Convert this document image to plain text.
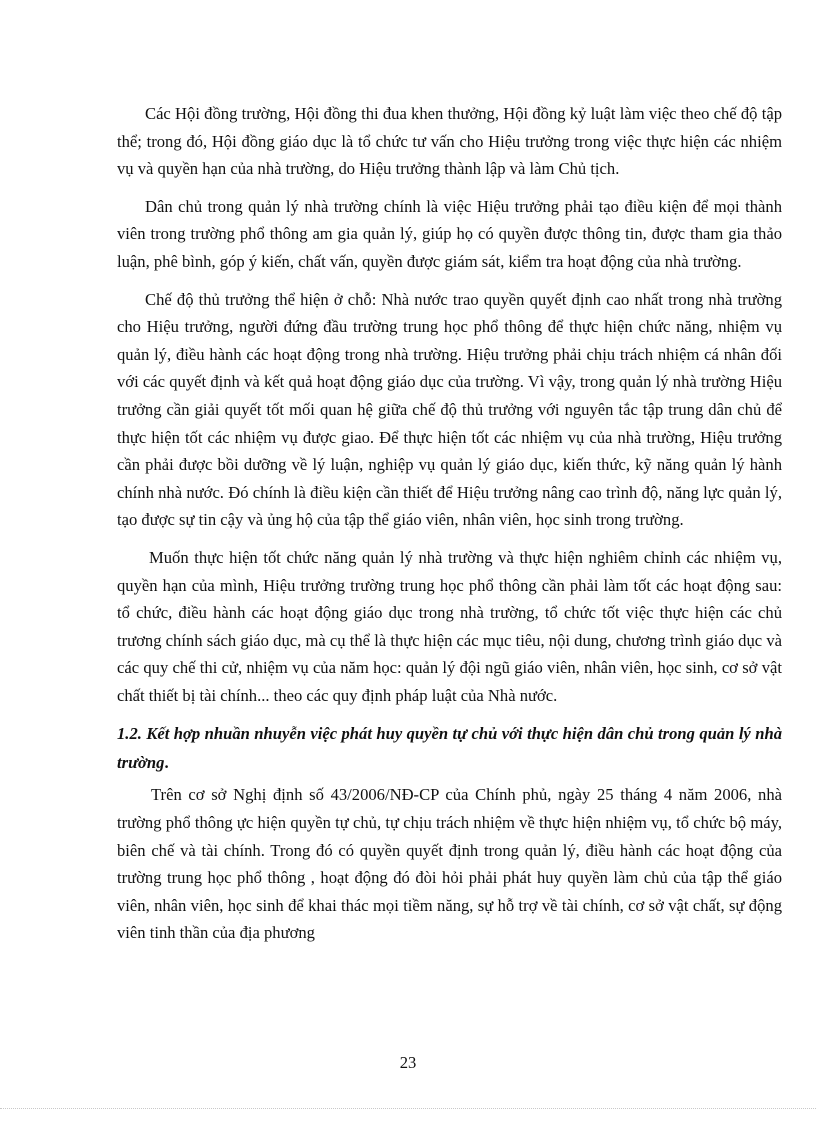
Các Hội đồng trường, Hội đồng thi đua khen thưởng, Hội đồng kỷ luật làm việc theo chế độ tập thể; trong đó, Hội đồng giáo dục là tổ chức tư vấn cho Hiệu trưởng trong việc thực hiện các nhiệm vụ và quyền hạn của nhà trường, do Hiệu trưởng thành lập và làm Chủ tịch.

Dân chủ trong quản lý nhà trường chính là việc Hiệu trưởng phải tạo điều kiện để mọi thành viên trong trường phổ thông am gia quản lý, giúp họ có quyền được thông tin, được tham gia thảo luận, phê bình, góp ý kiến, chất vấn, quyền được giám sát, kiểm tra hoạt động của nhà trường.

Chế độ thủ trưởng thể hiện ở chỗ: Nhà nước trao quyền quyết định cao nhất trong nhà trường cho Hiệu trưởng, người đứng đầu trường trung học phổ thông để thực hiện chức năng, nhiệm vụ quản lý, điều hành các hoạt động trong nhà trường. Hiệu trưởng phải chịu trách nhiệm cá nhân đối với các quyết định và kết quả hoạt động giáo dục của trường. Vì vậy, trong quản lý nhà trường Hiệu trưởng cần giải quyết tốt mối quan hệ giữa chế độ thủ trưởng với nguyên tắc tập trung dân chủ để thực hiện tốt các nhiệm vụ được giao. Để thực hiện tốt các nhiệm vụ của nhà trường, Hiệu trưởng cần phải được bồi dưỡng về lý luận, nghiệp vụ quản lý giáo dục, kiến thức, kỹ năng quản lý hành chính nhà nước. Đó chính là điều kiện cần thiết để Hiệu trưởng nâng cao trình độ, năng lực quản lý, tạo được sự tin cậy và ủng hộ của tập thể giáo viên, nhân viên, học sinh trong trường.

Muốn thực hiện tốt chức năng quản lý nhà trường và thực hiện nghiêm chỉnh các nhiệm vụ, quyền hạn của mình, Hiệu trưởng trường trung học phổ thông cần phải làm tốt các hoạt động sau: tổ chức, điều hành các hoạt động giáo dục trong nhà trường, tổ chức tốt việc thực hiện các chủ trương chính sách giáo dục, mà cụ thể là thực hiện các mục tiêu, nội dung, chương trình giáo dục và các quy chế thi cử, nhiệm vụ của năm học: quản lý đội ngũ giáo viên, nhân viên, học sinh, cơ sở vật chất thiết bị tài chính... theo các quy định pháp luật của Nhà nước.

1.2. Kết hợp nhuần nhuyễn việc phát huy quyền tự chủ với thực hiện dân chủ trong quản lý nhà trường.

Trên cơ sở Nghị định số 43/2006/NĐ-CP của Chính phủ, ngày 25 tháng 4 năm 2006, nhà trường phổ thông ực hiện quyền tự chủ, tự chịu trách nhiệm về thực hiện nhiệm vụ, tổ chức bộ máy, biên chế và tài chính. Trong đó có quyền quyết định trong quản lý, điều hành các hoạt động của trường trung học phổ thông , hoạt động đó đòi hỏi phải phát huy quyền làm chủ của tập thể giáo viên, nhân viên, học sinh để khai thác mọi tiềm năng, sự hỗ trợ về tài chính, cơ sở vật chất, sự động viên tinh thần của địa phương

23
